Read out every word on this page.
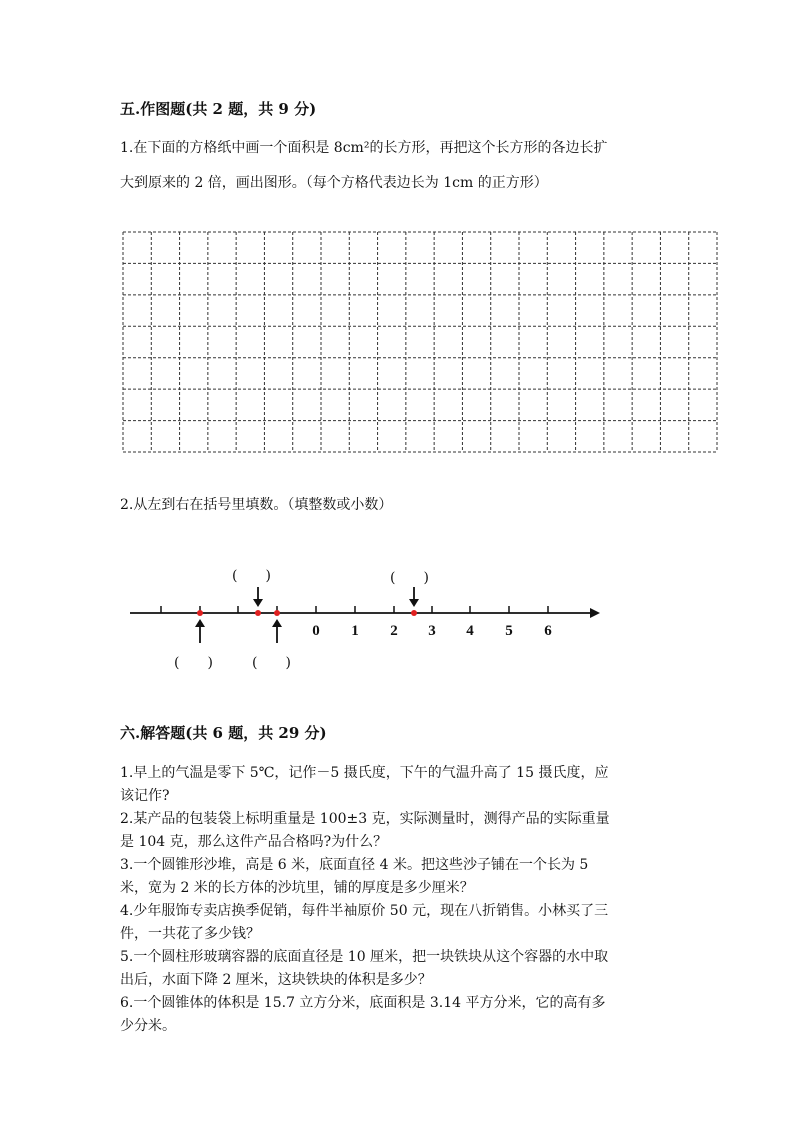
五.作图题(共 2 题，共 9 分)
1.在下面的方格纸中画一个面积是 8cm²的长方形，再把这个长方形的各边长扩
大到原来的 2 倍，画出图形。（每个方格代表边长为 1cm 的正方形）
2.从左到右在括号里填数。（填整数或小数）
0 1 2 3 4 5 6
(　　)	(　　)
(　　)	(　　)
六.解答题(共 6 题，共 29 分)
1.早上的气温是零下 5℃，记作－5 摄氏度，下午的气温升高了 15 摄氏度，应
该记作?
2.某产品的包装袋上标明重量是 100±3 克，实际测量时，测得产品的实际重量
是 104 克，那么这件产品合格吗?为什么？
3.一个圆锥形沙堆，高是 6 米，底面直径 4 米。把这些沙子铺在一个长为 5
米，宽为 2 米的长方体的沙坑里，铺的厚度是多少厘米？
4.少年服饰专卖店换季促销，每件半袖原价 50 元，现在八折销售。小林买了三
件，一共花了多少钱？
5.一个圆柱形玻璃容器的底面直径是 10 厘米，把一块铁块从这个容器的水中取
出后，水面下降 2 厘米，这块铁块的体积是多少？
6.一个圆锥体的体积是 15.7 立方分米，底面积是 3.14 平方分米，它的高有多
少分米。
